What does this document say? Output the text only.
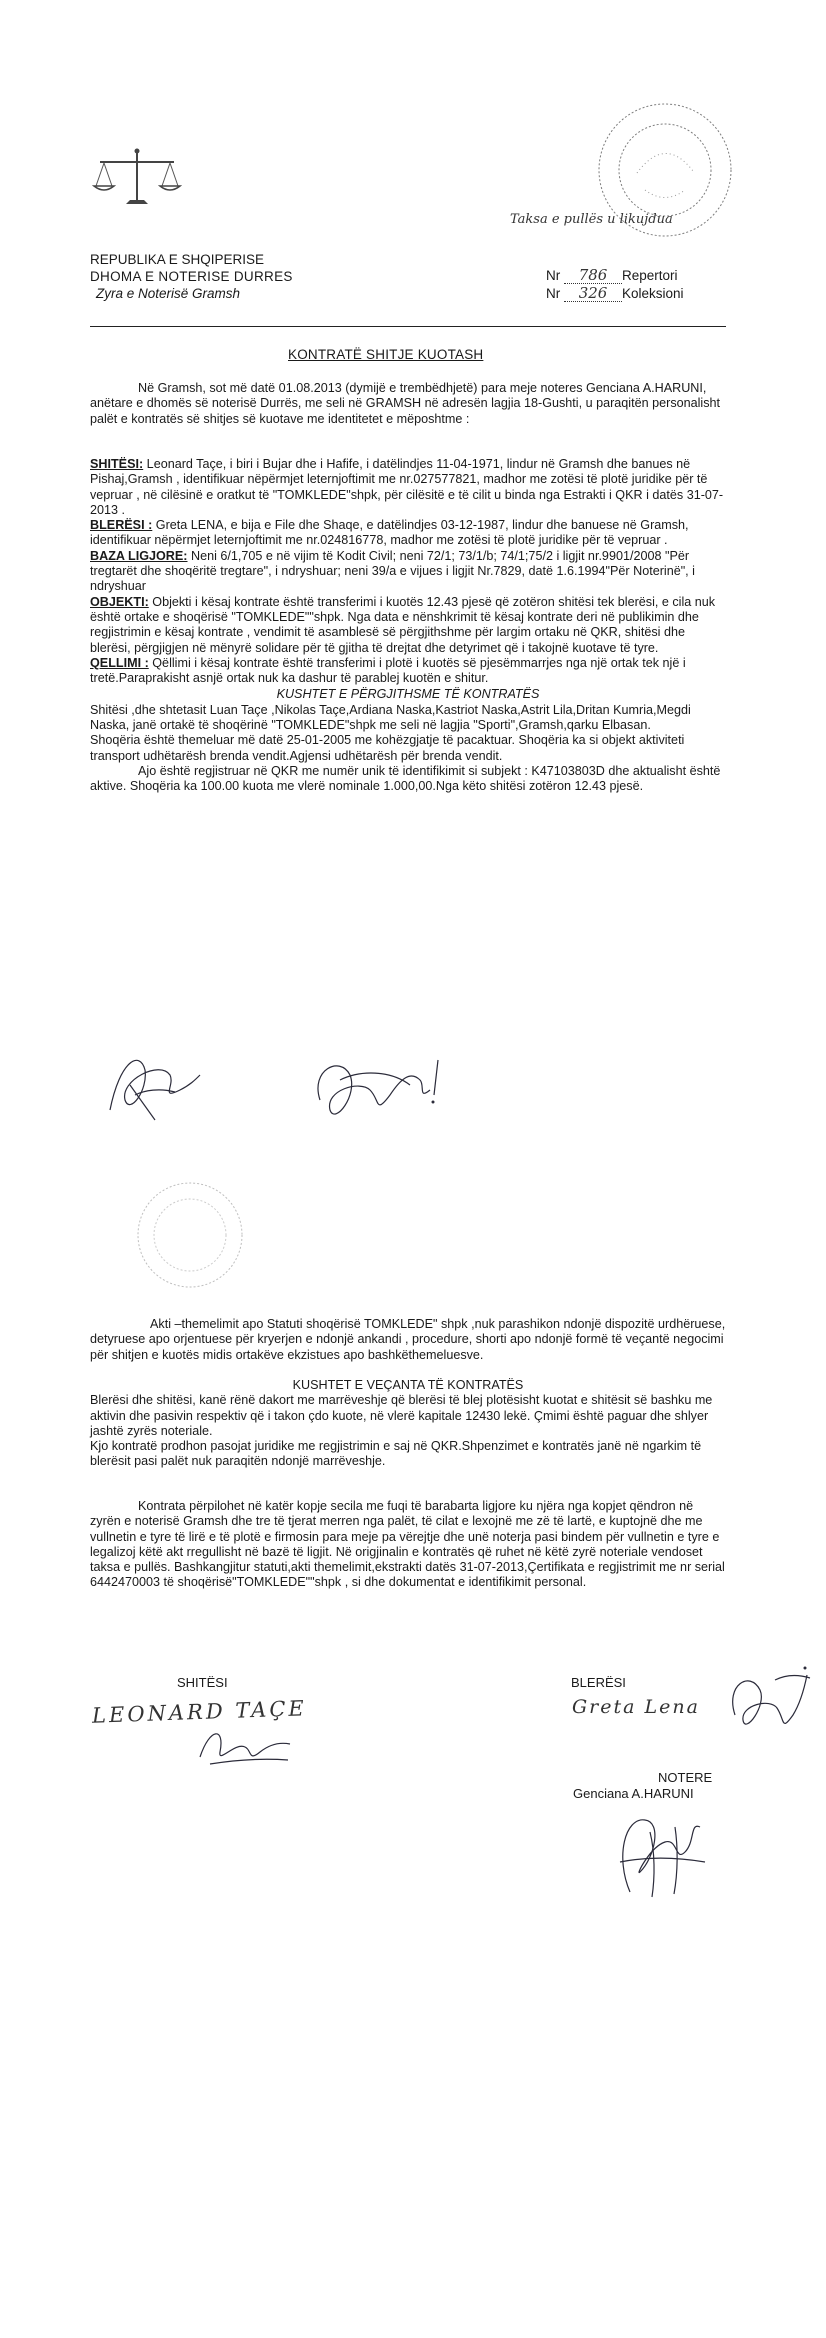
Taksa e pullës u likujdua
REPUBLIKA E SHQIPERISE
DHOMA E NOTERISE DURRES
Zyra e Noterisë Gramsh
Nr 786 Repertori
Nr 326 Koleksioni
KONTRATË SHITJE KUOTASH
Në Gramsh, sot më datë 01.08.2013 (dymijë e trembëdhjetë) para meje noteres Genciana A.HARUNI, anëtare e dhomës së noterisë Durrës, me seli në GRAMSH në adresën lagjia 18-Gushti, u paraqitën personalisht palët e kontratës së shitjes së kuotave me identitetet e mëposhtme :
SHITËSI: Leonard Taçe, i biri i Bujar dhe i Hafife, i datëlindjes 11-04-1971, lindur në Gramsh dhe banues në Pishaj,Gramsh , identifikuar nëpërmjet leternjoftimit me nr.027577821, madhor me zotësi të plotë juridike për të vepruar , në cilësinë e oratkut të "TOMKLEDE"shpk, për cilësitë e të cilit u binda nga Estrakti i QKR i datës 31-07-2013 .
BLERËSI : Greta LENA, e bija e File dhe Shaqe, e datëlindjes 03-12-1987, lindur dhe banuese në Gramsh, identifikuar nëpërmjet leternjoftimit me nr.024816778, madhor me zotësi të plotë juridike për të vepruar .
BAZA LIGJORE: Neni 6/1,705 e në vijim të Kodit Civil; neni 72/1; 73/1/b; 74/1;75/2 i ligjit nr.9901/2008 "Për tregtarët dhe shoqëritë tregtare", i ndryshuar; neni 39/a e vijues i ligjit Nr.7829, datë 1.6.1994"Për Noterinë", i ndryshuar
OBJEKTI: Objekti i kësaj kontrate është transferimi i kuotës 12.43 pjesë që zotëron shitësi tek blerësi, e cila nuk është ortake e shoqërisë "TOMKLEDE""shpk. Nga data e nënshkrimit të kësaj kontrate deri në publikimin dhe regjistrimin e kësaj kontrate , vendimit të asamblesë së përgjithshme për largim ortaku në QKR, shitësi dhe blerësi, përgjigjen në mënyrë solidare për të gjitha të drejtat dhe detyrimet që i takojnë kuotave të tyre.
QELLIMI : Qëllimi i kësaj kontrate është transferimi i plotë i kuotës së pjesëmmarrjes nga një ortak tek një i tretë.Paraprakisht asnjë ortak nuk ka dashur të parablej kuotën e shitur.
KUSHTET E PËRGJITHSME TË KONTRATËS
Shitësi ,dhe shtetasit Luan Taçe ,Nikolas Taçe,Ardiana Naska,Kastriot Naska,Astrit Lila,Dritan Kumria,Megdi Naska, janë ortakë të shoqërinë "TOMKLEDE"shpk me seli në lagjia "Sporti",Gramsh,qarku Elbasan.
Shoqëria është themeluar më datë 25-01-2005 me kohëzgjatje të pacaktuar. Shoqëria ka si objekt aktiviteti transport udhëtarësh brenda vendit.Agjensi udhëtarësh për brenda vendit.
Ajo është regjistruar në QKR me numër unik të identifikimit si subjekt : K47103803D dhe aktualisht është aktive. Shoqëria ka 100.00 kuota me vlerë nominale 1.000,00.Nga këto shitësi zotëron 12.43 pjesë.
Akti –themelimit apo Statuti shoqërisë TOMKLEDE" shpk ,nuk parashikon ndonjë dispozitë urdhëruese, detyruese apo orjentuese për kryerjen e ndonjë ankandi , procedure, shorti apo ndonjë formë të veçantë negocimi për shitjen e kuotës midis ortakëve ekzistues apo bashkëthemeluesve.
KUSHTET E VEÇANTA TË KONTRATËS
Blerësi dhe shitësi, kanë rënë dakort me marrëveshje që blerësi të blej plotësisht kuotat e shitësit së bashku me aktivin dhe pasivin respektiv që i takon çdo kuote, në vlerë kapitale 12430 lekë. Çmimi është paguar dhe shlyer jashtë zyrës noteriale.
Kjo kontratë prodhon pasojat juridike me regjistrimin e saj në QKR.Shpenzimet e kontratës janë në ngarkim të blerësit pasi palët nuk paraqitën ndonjë marrëveshje.
Kontrata përpilohet në katër kopje secila me fuqi të barabarta ligjore ku njëra nga kopjet qëndron në zyrën e noterisë Gramsh dhe tre të tjerat merren nga palët, të cilat e lexojnë me zë të lartë, e kuptojnë dhe me vullnetin e tyre të lirë e të plotë e firmosin para meje pa vërejtje dhe unë noterja pasi bindem për vullnetin e tyre e legalizoj këtë akt rregullisht në bazë të ligjit. Në origjinalin e kontratës që ruhet në këtë zyrë noteriale vendoset taksa e pullës. Bashkangjitur statuti,akti themelimit,ekstrakti datës 31-07-2013,Çertifikata e regjistrimit me nr serial 6442470003 të shoqërisë"TOMKLEDE""shpk , si dhe dokumentat e identifikimit personal.
SHITËSI
LEONARD TAÇE
BLERËSI
Greta Lena
NOTERE
Genciana A.HARUNI
